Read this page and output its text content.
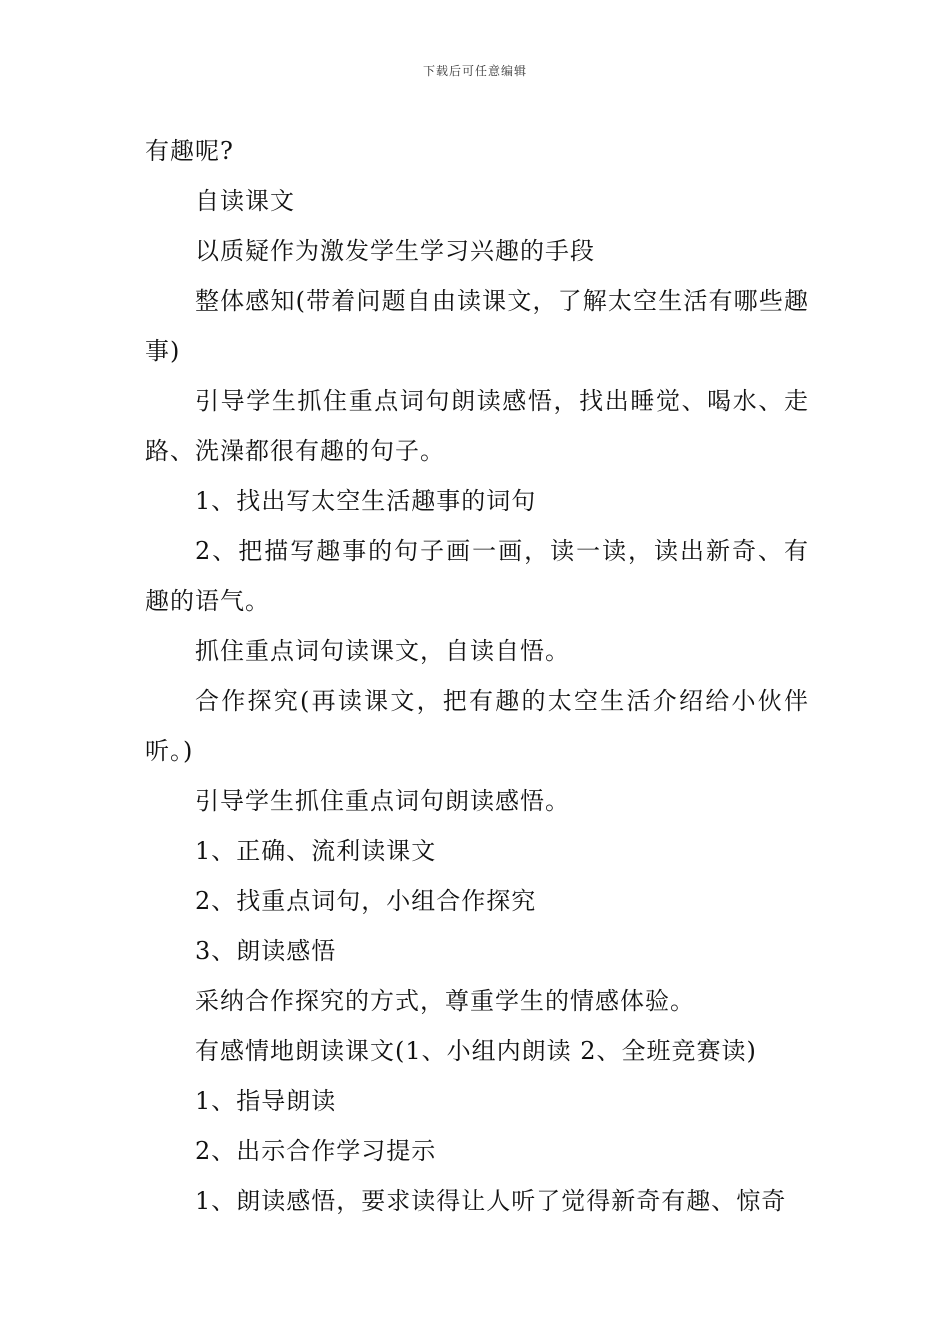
下载后可任意编辑

有趣呢?

自读课文

以质疑作为激发学生学习兴趣的手段

整体感知(带着问题自由读课文，了解太空生活有哪些趣事)

引导学生抓住重点词句朗读感悟，找出睡觉、喝水、走路、洗澡都很有趣的句子。

1、找出写太空生活趣事的词句

2、把描写趣事的句子画一画，读一读，读出新奇、有趣的语气。

抓住重点词句读课文，自读自悟。

合作探究(再读课文，把有趣的太空生活介绍给小伙伴听。)

引导学生抓住重点词句朗读感悟。

1、正确、流利读课文

2、找重点词句，小组合作探究

3、朗读感悟

采纳合作探究的方式，尊重学生的情感体验。

有感情地朗读课文(1、小组内朗读 2、全班竞赛读)

1、指导朗读

2、出示合作学习提示

1、朗读感悟，要求读得让人听了觉得新奇有趣、惊奇
